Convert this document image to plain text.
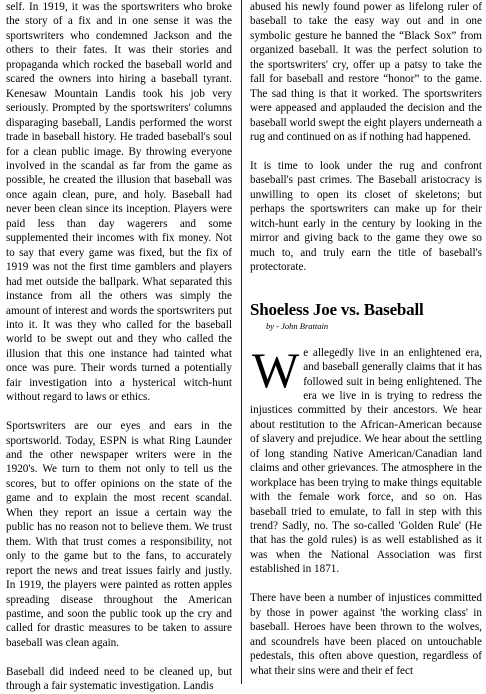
self. In 1919, it was the sportswriters who broke the story of a fix and in one sense it was the sportswriters who condemned Jackson and the others to their fates. It was their stories and propaganda which rocked the baseball world and scared the owners into hiring a baseball tyrant. Kenesaw Mountain Landis took his job very seriously. Prompted by the sportswriters' columns disparaging baseball, Landis performed the worst trade in baseball history. He traded baseball's soul for a clean public image. By throwing everyone involved in the scandal as far from the game as possible, he created the illusion that baseball was once again clean, pure, and holy. Baseball had never been clean since its inception. Players were paid less than day wagerers and some supplemented their incomes with fix money. Not to say that every game was fixed, but the fix of 1919 was not the first time gamblers and players had met outside the ballpark. What separated this instance from all the others was simply the amount of interest and words the sportswriters put into it. It was they who called for the baseball world to be swept out and they who called the illusion that this one instance had tainted what once was pure. Their words turned a potentially fair investigation into a hysterical witch-hunt without regard to laws or ethics.

Sportswriters are our eyes and ears in the sportsworld. Today, ESPN is what Ring Launder and the other newspaper writers were in the 1920's. We turn to them not only to tell us the scores, but to offer opinions on the state of the game and to explain the most recent scandal. When they report an issue a certain way the public has no reason not to believe them. We trust them. With that trust comes a responsibility, not only to the game but to the fans, to accurately report the news and treat issues fairly and justly. In 1919, the players were painted as rotten apples spreading disease throughout the American pastime, and soon the public took up the cry and called for drastic measures to be taken to assure baseball was clean again.

Baseball did indeed need to be cleaned up, but through a fair systematic investigation. Landis

abused his newly found power as lifelong ruler of baseball to take the easy way out and in one symbolic gesture he banned the “Black Sox” from organized baseball. It was the perfect solution to the sportswriters' cry, offer up a patsy to take the fall for baseball and restore “honor” to the game. The sad thing is that it worked. The sportswriters were appeased and applauded the decision and the baseball world swept the eight players underneath a rug and continued on as if nothing had happened.

It is time to look under the rug and confront baseball's past crimes. The Baseball aristocracy is unwilling to open its closet of skeletons; but perhaps the sportswriters can make up for their witch-hunt early in the century by looking in the mirror and giving back to the game they owe so much to, and truly earn the title of baseball's protectorate.

Shoeless Joe vs. Baseball

by - John Brattain

W e allegedly live in an enlightened era, and baseball generally claims that it has followed suit in being enlightened. The era we live in is trying to redress the injustices committed by their ancestors. We hear about restitution to the African-American because of slavery and prejudice. We hear about the settling of long standing Native American/Canadian land claims and other grievances. The atmosphere in the workplace has been trying to make things equitable with the female work force, and so on. Has baseball tried to emulate, to fall in step with this trend? Sadly, no. The so-called 'Golden Rule' (He that has the gold rules) is as well established as it was when the National Association was first established in 1871.

There have been a number of injustices committed by those in power against 'the working class' in baseball. Heroes have been thrown to the wolves, and scoundrels have been placed on untouchable pedestals, this often above question, regardless of what their sins were and their ef fect
